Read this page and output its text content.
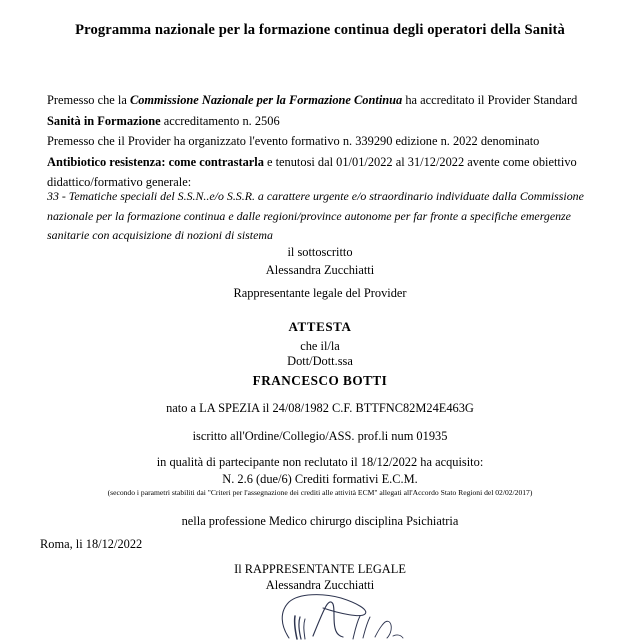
Programma nazionale per la formazione continua degli operatori della Sanità
Premesso che la Commissione Nazionale per la Formazione Continua ha accreditato il Provider Standard Sanità in Formazione accreditamento n. 2506
Premesso che il Provider ha organizzato l'evento formativo n. 339290 edizione n. 2022 denominato Antibiotico resistenza: come contrastarla e tenutosi dal 01/01/2022 al 31/12/2022 avente come obiettivo didattico/formativo generale:
33 - Tematiche speciali del S.S.N..e/o S.S.R. a carattere urgente e/o straordinario individuate dalla Commissione nazionale per la formazione continua e dalle regioni/province autonome per far fronte a specifiche emergenze sanitarie con acquisizione di nozioni di sistema
il sottoscritto
Alessandra Zucchiatti
Rappresentante legale del Provider
ATTESTA
che il/la
Dott/Dott.ssa
FRANCESCO BOTTI
nato a LA SPEZIA il 24/08/1982 C.F. BTTFNC82M24E463G
iscritto all'Ordine/Collegio/ASS. prof.li num 01935
in qualità di partecipante non reclutato il 18/12/2022 ha acquisito:
N. 2.6 (due/6) Crediti formativi E.C.M.
(secondo i parametri stabiliti dai "Criteri per l'assegnazione dei crediti alle attività ECM" allegati all'Accordo Stato Regioni del 02/02/2017)
nella professione Medico chirurgo disciplina Psichiatria
Roma, li 18/12/2022
Il RAPPRESENTANTE LEGALE
Alessandra Zucchiatti
